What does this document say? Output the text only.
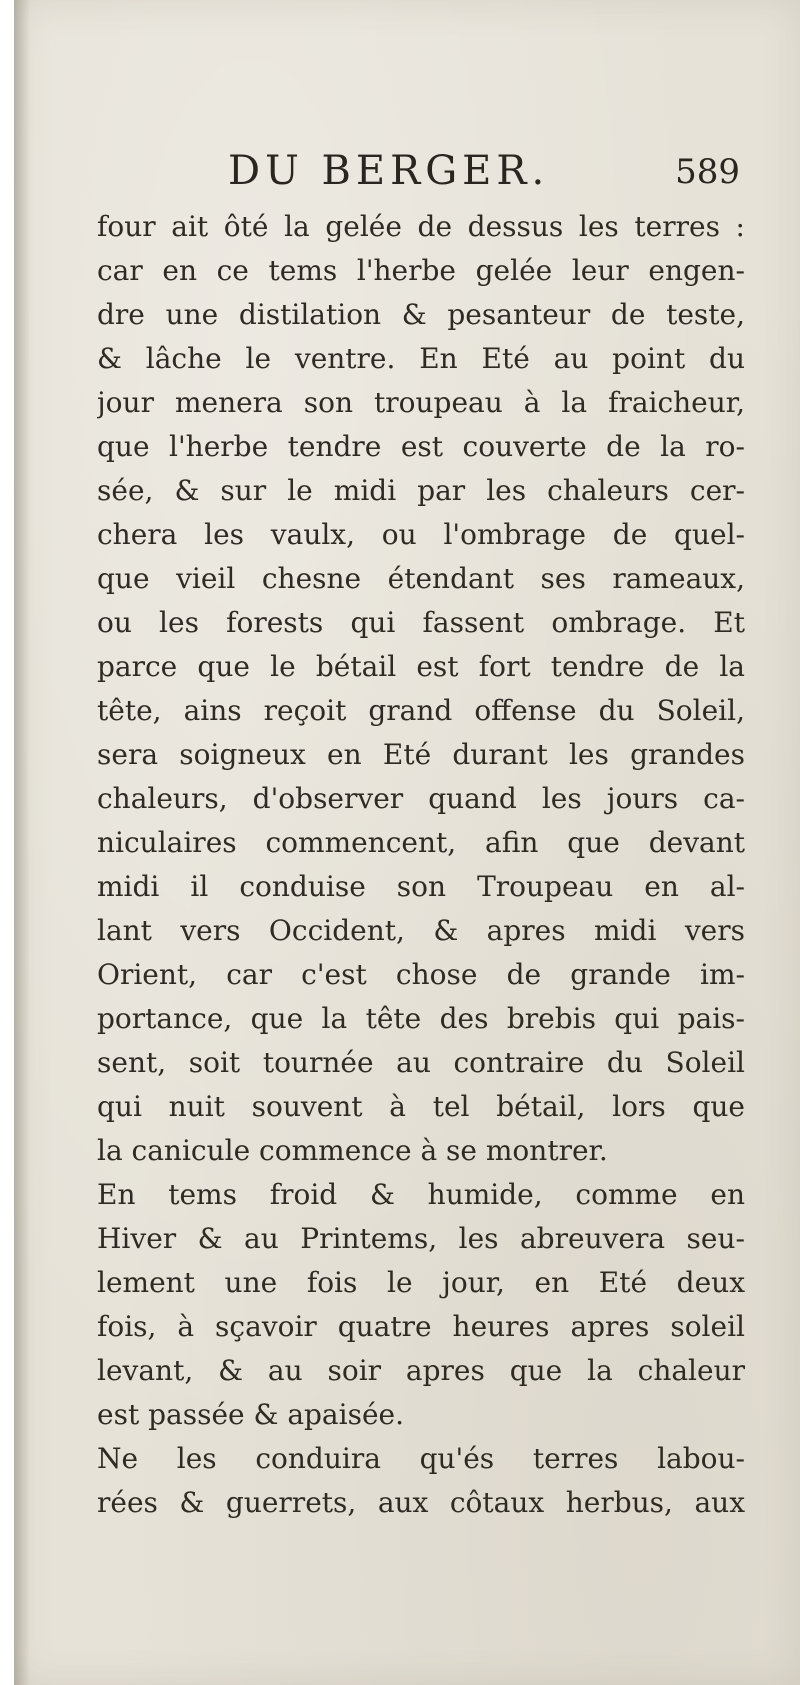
DU BERGER.	589
four ait ôté la gelée de dessus les terres :
car en ce tems l'herbe gelée leur engen-
dre une distilation & pesanteur de teste,
& lâche le ventre. En Eté au point du
jour menera son troupeau à la fraicheur,
que l'herbe tendre est couverte de la ro-
sée, & sur le midi par les chaleurs cer-
chera les vaulx, ou l'ombrage de quel-
que vieil chesne étendant ses rameaux,
ou les forests qui fassent ombrage. Et
parce que le bétail est fort tendre de la
tête, ains reçoit grand offense du Soleil,
sera soigneux en Eté durant les grandes
chaleurs, d'observer quand les jours ca-
niculaires commencent, afin que devant
midi il conduise son Troupeau en al-
lant vers Occident, & apres midi vers
Orient, car c'est chose de grande im-
portance, que la tête des brebis qui pais-
sent, soit tournée au contraire du Soleil
qui nuit souvent à tel bétail, lors que
la canicule commence à se montrer.
En tems froid & humide, comme en
Hiver & au Printems, les abreuvera seu-
lement une fois le jour, en Eté deux
fois, à sçavoir quatre heures apres soleil
levant, & au soir apres que la chaleur
est passée & apaisée.
Ne les conduira qu'és terres labou-
rées & guerrets, aux côtaux herbus, aux
